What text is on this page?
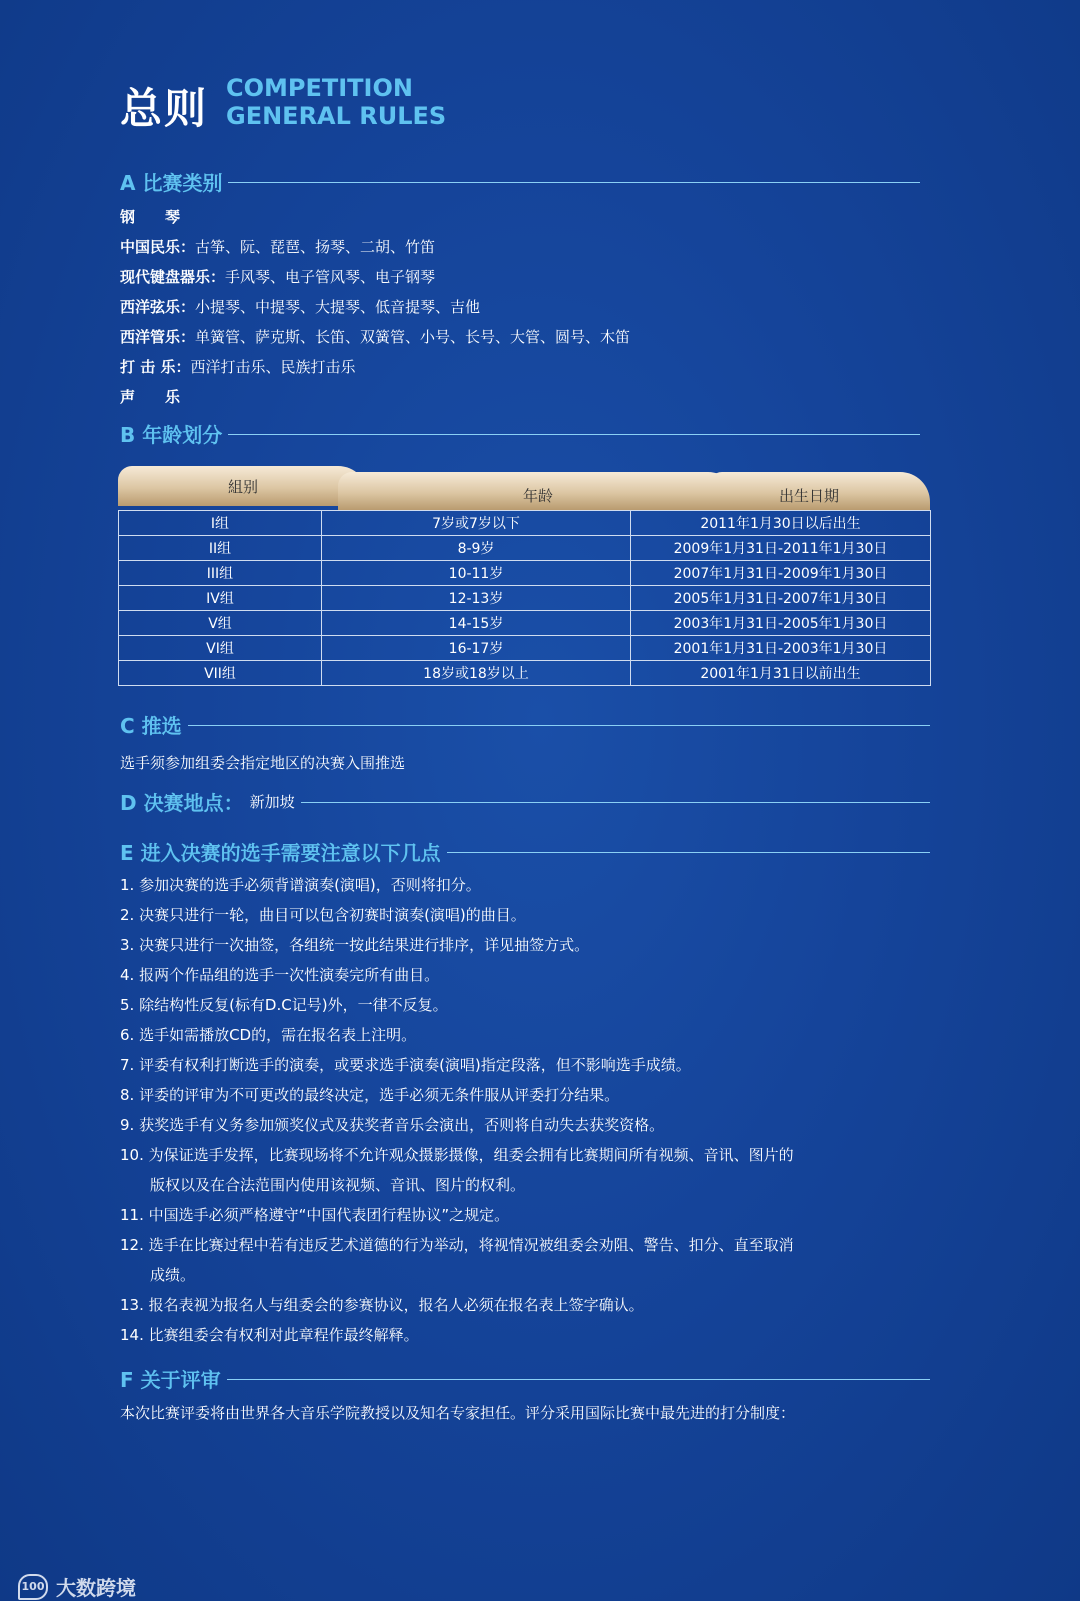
总则 COMPETITION
GENERAL RULES
A 比赛类别
钢　　琴
中国民乐：古筝、阮、琵琶、扬琴、二胡、竹笛
现代键盘器乐：手风琴、电子管风琴、电子钢琴
西洋弦乐：小提琴、中提琴、大提琴、低音提琴、吉他
西洋管乐：单簧管、萨克斯、长笛、双簧管、小号、长号、大管、圆号、木笛
打 击 乐：西洋打击乐、民族打击乐
声　　乐
B 年龄划分
組别	年龄	出生日期
I组	7岁或7岁以下	2011年1月30日以后出生
II组	8-9岁	2009年1月31日-2011年1月30日
III组	10-11岁	2007年1月31日-2009年1月30日
IV组	12-13岁	2005年1月31日-2007年1月30日
V组	14-15岁	2003年1月31日-2005年1月30日
VI组	16-17岁	2001年1月31日-2003年1月30日
VII组	18岁或18岁以上	2001年1月31日以前出生
C 推选
选手须参加组委会指定地区的决赛入围推选
D 决赛地点： 新加坡
E 进入决赛的选手需要注意以下几点
1. 参加决赛的选手必须背谱演奏(演唱)，否则将扣分。
2. 决赛只进行一轮，曲目可以包含初赛时演奏(演唱)的曲目。
3. 决赛只进行一次抽签，各组统一按此结果进行排序，详见抽签方式。
4. 报两个作品组的选手一次性演奏完所有曲目。
5. 除结构性反复(标有D.C记号)外，一律不反复。
6. 选手如需播放CD的，需在报名表上注明。
7. 评委有权利打断选手的演奏，或要求选手演奏(演唱)指定段落，但不影响选手成绩。
8. 评委的评审为不可更改的最终决定，选手必须无条件服从评委打分结果。
9. 获奖选手有义务参加颁奖仪式及获奖者音乐会演出，否则将自动失去获奖资格。
10. 为保证选手发挥，比赛现场将不允许观众摄影摄像，组委会拥有比赛期间所有视频、音讯、图片的
版权以及在合法范围内使用该视频、音讯、图片的权利。
11. 中国选手必须严格遵守“中国代表团行程协议”之规定。
12. 选手在比赛过程中若有违反艺术道德的行为举动，将视情况被组委会劝阻、警告、扣分、直至取消
成绩。
13. 报名表视为报名人与组委会的参赛协议，报名人必须在报名表上签字确认。
14. 比赛组委会有权利对此章程作最终解释。
F 关于评审
本次比赛评委将由世界各大音乐学院教授以及知名专家担任。评分采用国际比赛中最先进的打分制度：
100 大数跨境
